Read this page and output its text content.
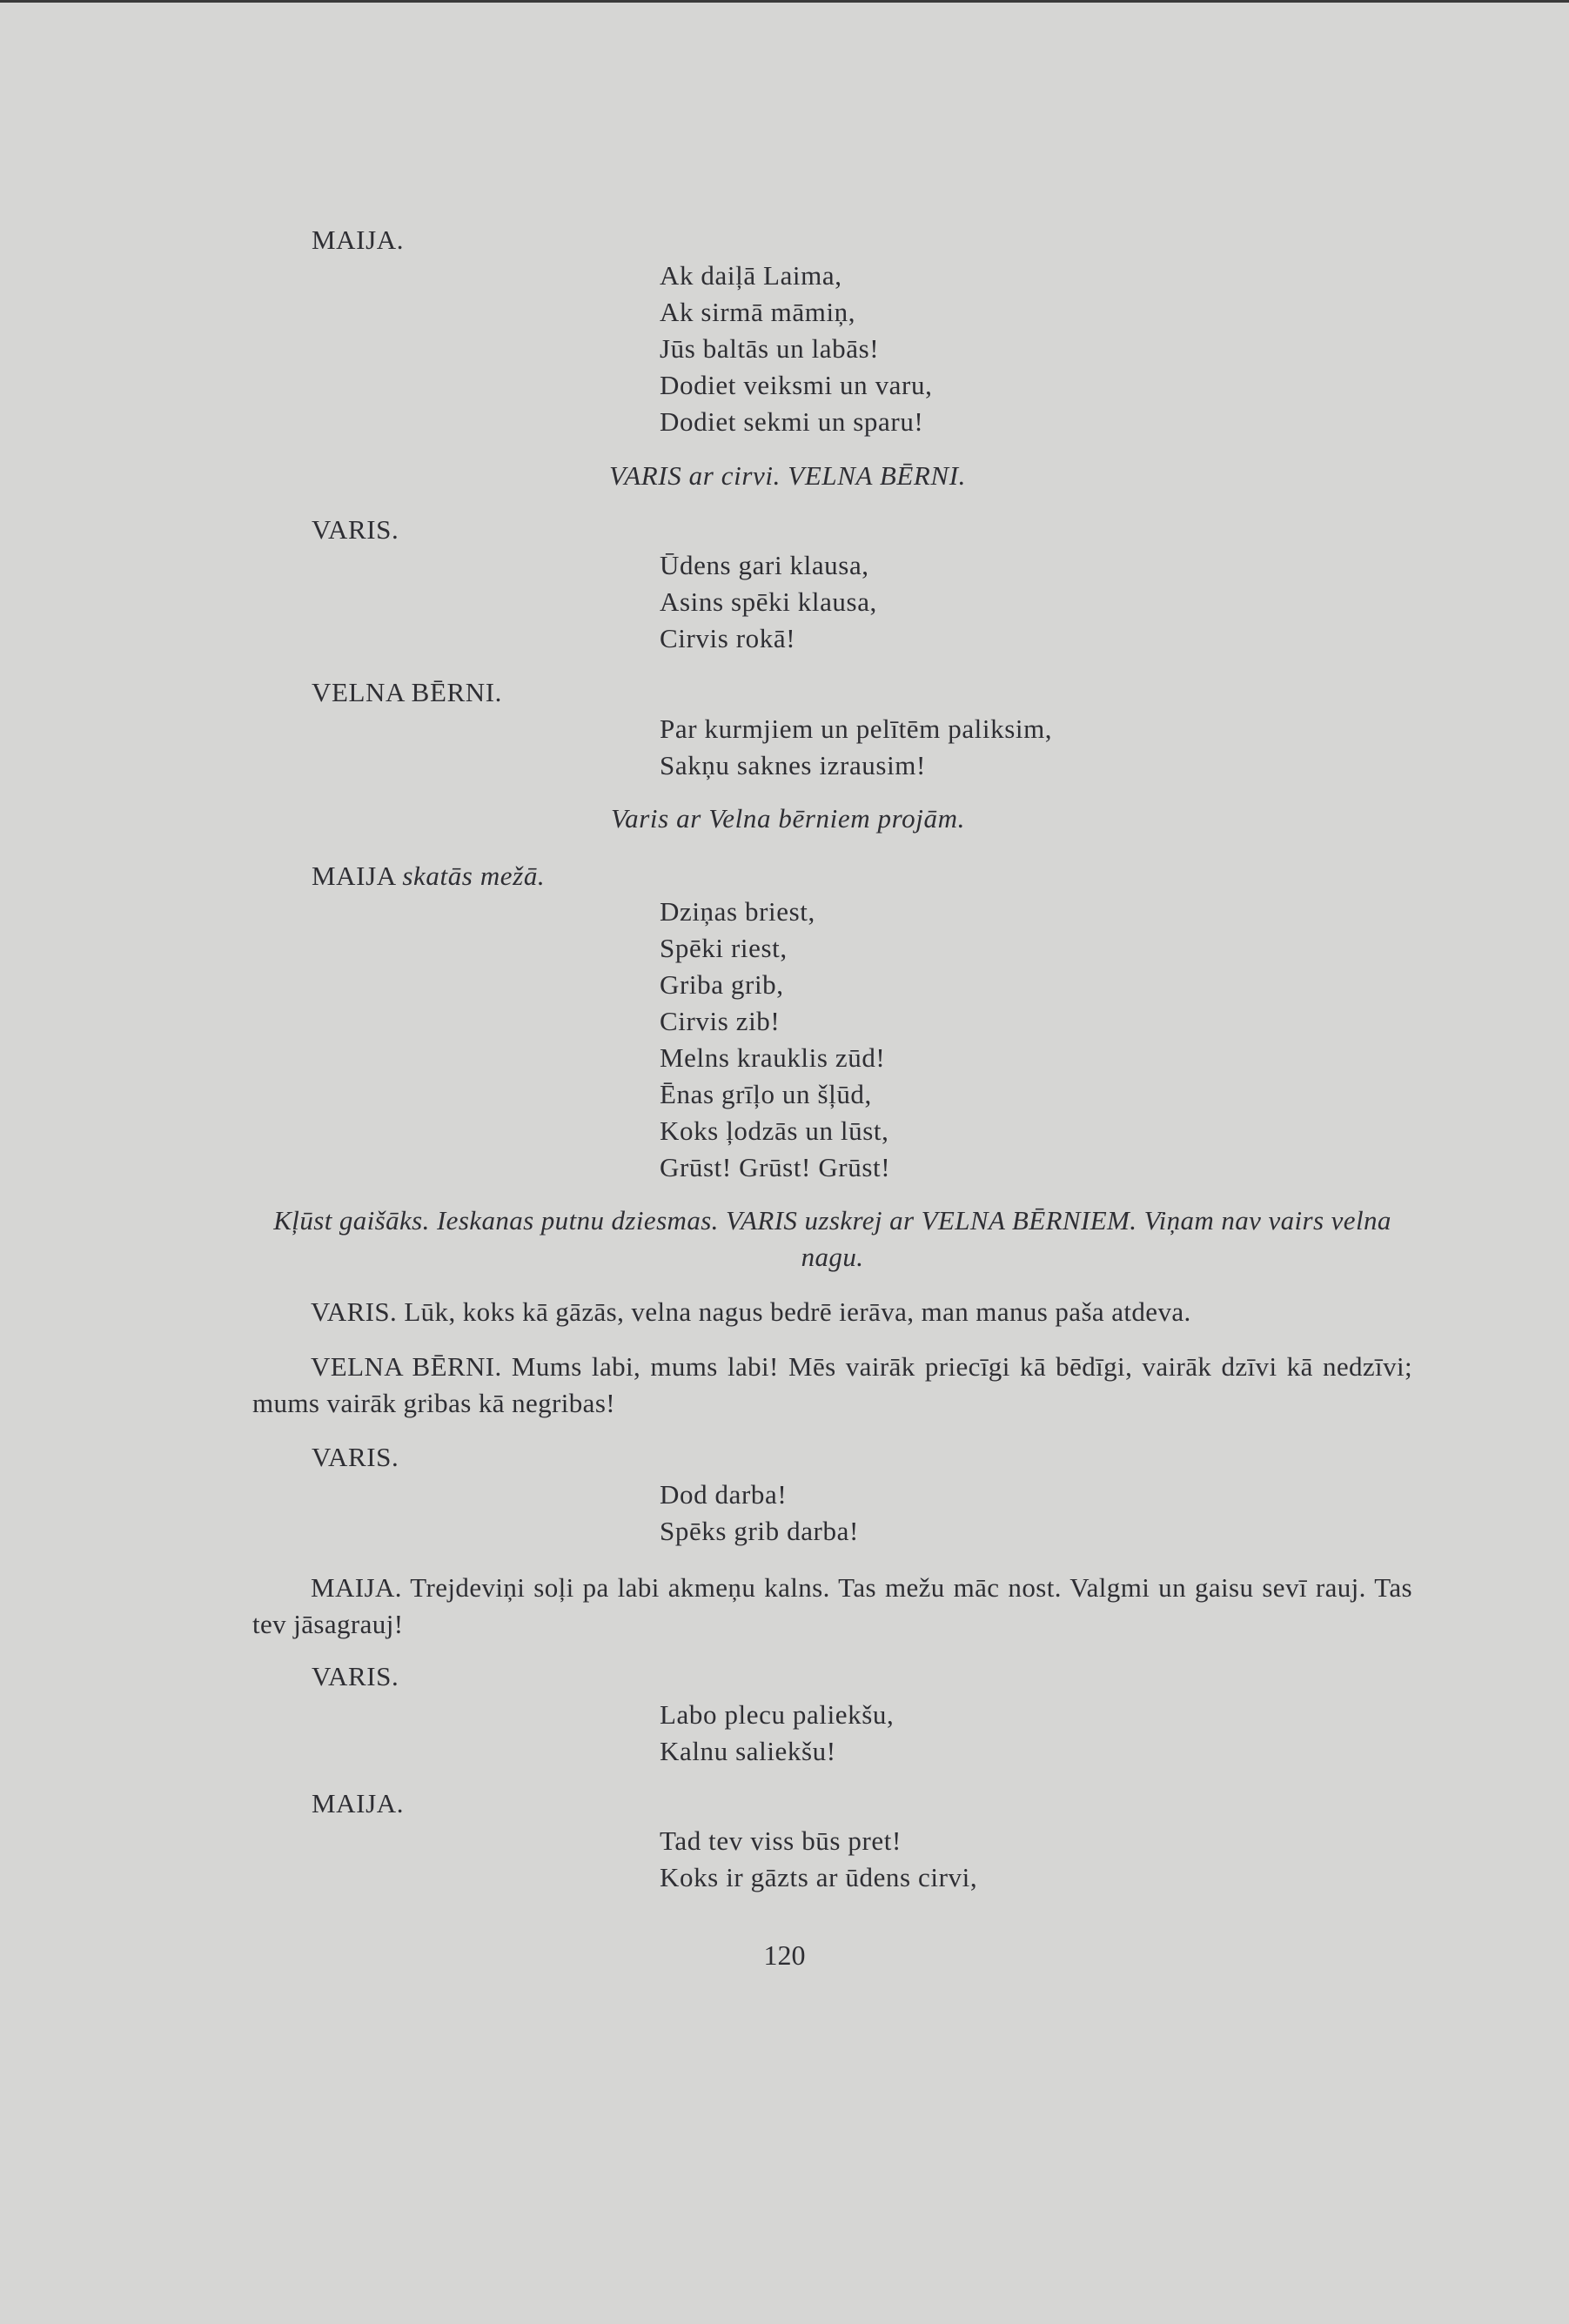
MAIJA.
Ak daiļā Laima,
Ak sirmā māmiņ,
Jūs baltās un labās!
Dodiet veiksmi un varu,
Dodiet sekmi un sparu!
VARIS ar cirvi. VELNA BĒRNI.
VARIS.
Ūdens gari klausa,
Asins spēki klausa,
Cirvis rokā!
VELNA BĒRNI.
Par kurmjiem un pelītēm paliksim,
Sakņu saknes izrausim!
Varis ar Velna bērniem projām.
MAIJA skatās mežā.
Dziņas briest,
Spēki riest,
Griba grib,
Cirvis zib!
Melns krauklis zūd!
Ēnas grīļo un šļūd,
Koks ļodzās un lūst,
Grūst! Grūst! Grūst!
Kļūst gaišāks. Ieskanas putnu dziesmas. VARIS uzskrej ar VELNA BĒRNIEM. Viņam nav vairs velna nagu.
VARIS. Lūk, koks kā gāzās, velna nagus bedrē ierāva, man manus paša atdeva.
VELNA BĒRNI. Mums labi, mums labi! Mēs vairāk priecīgi kā bēdīgi, vairāk dzīvi kā nedzīvi; mums vairāk gribas kā negribas!
VARIS.
Dod darba!
Spēks grib darba!
MAIJA. Trejdeviņi soļi pa labi akmeņu kalns. Tas mežu māc nost. Valgmi un gaisu sevī rauj. Tas tev jāsagrauj!
VARIS.
Labo plecu paliekšu,
Kalnu saliekšu!
MAIJA.
Tad tev viss būs pret!
Koks ir gāzts ar ūdens cirvi,
120
